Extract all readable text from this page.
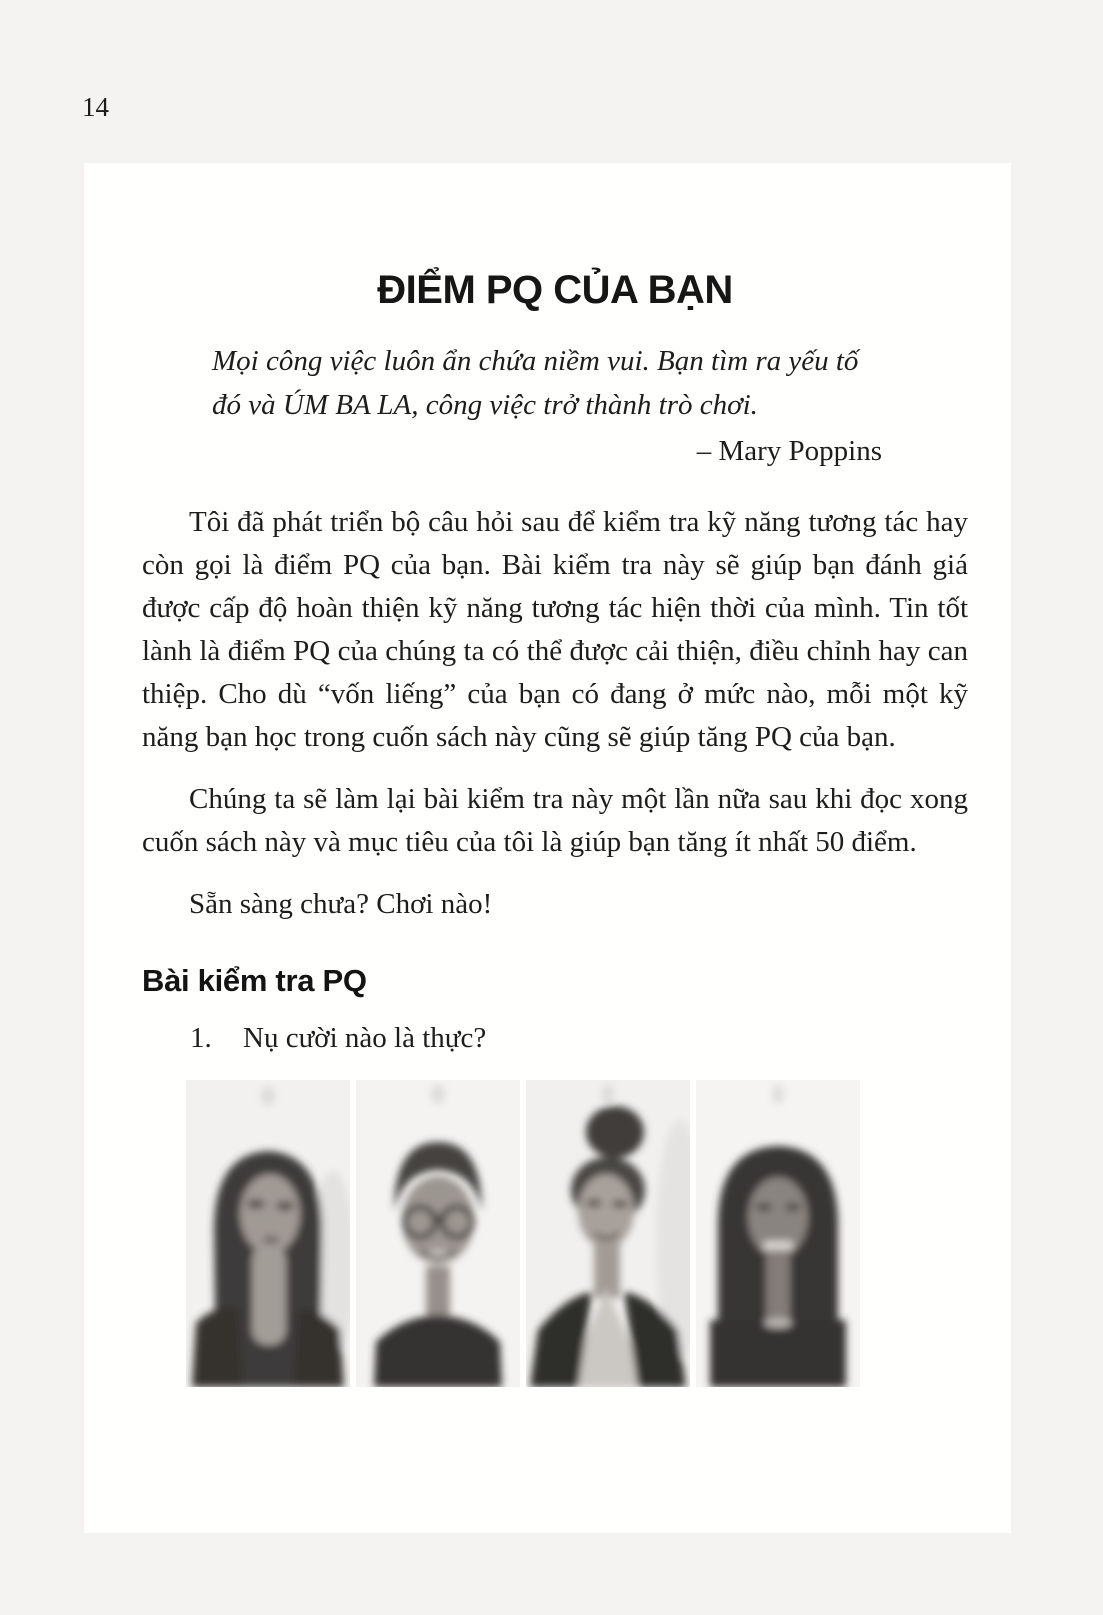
14
ĐIỂM PQ CỦA BẠN
Mọi công việc luôn ẩn chứa niềm vui. Bạn tìm ra yếu tố đó và ÚM BA LA, công việc trở thành trò chơi.
– Mary Poppins

Tôi đã phát triển bộ câu hỏi sau để kiểm tra kỹ năng tương tác hay còn gọi là điểm PQ của bạn. Bài kiểm tra này sẽ giúp bạn đánh giá được cấp độ hoàn thiện kỹ năng tương tác hiện thời của mình. Tin tốt lành là điểm PQ của chúng ta có thể được cải thiện, điều chỉnh hay can thiệp. Cho dù “vốn liếng” của bạn có đang ở mức nào, mỗi một kỹ năng bạn học trong cuốn sách này cũng sẽ giúp tăng PQ của bạn.

Chúng ta sẽ làm lại bài kiểm tra này một lần nữa sau khi đọc xong cuốn sách này và mục tiêu của tôi là giúp bạn tăng ít nhất 50 điểm.

Sẵn sàng chưa? Chơi nào!

Bài kiểm tra PQ
1.	Nụ cười nào là thực?
